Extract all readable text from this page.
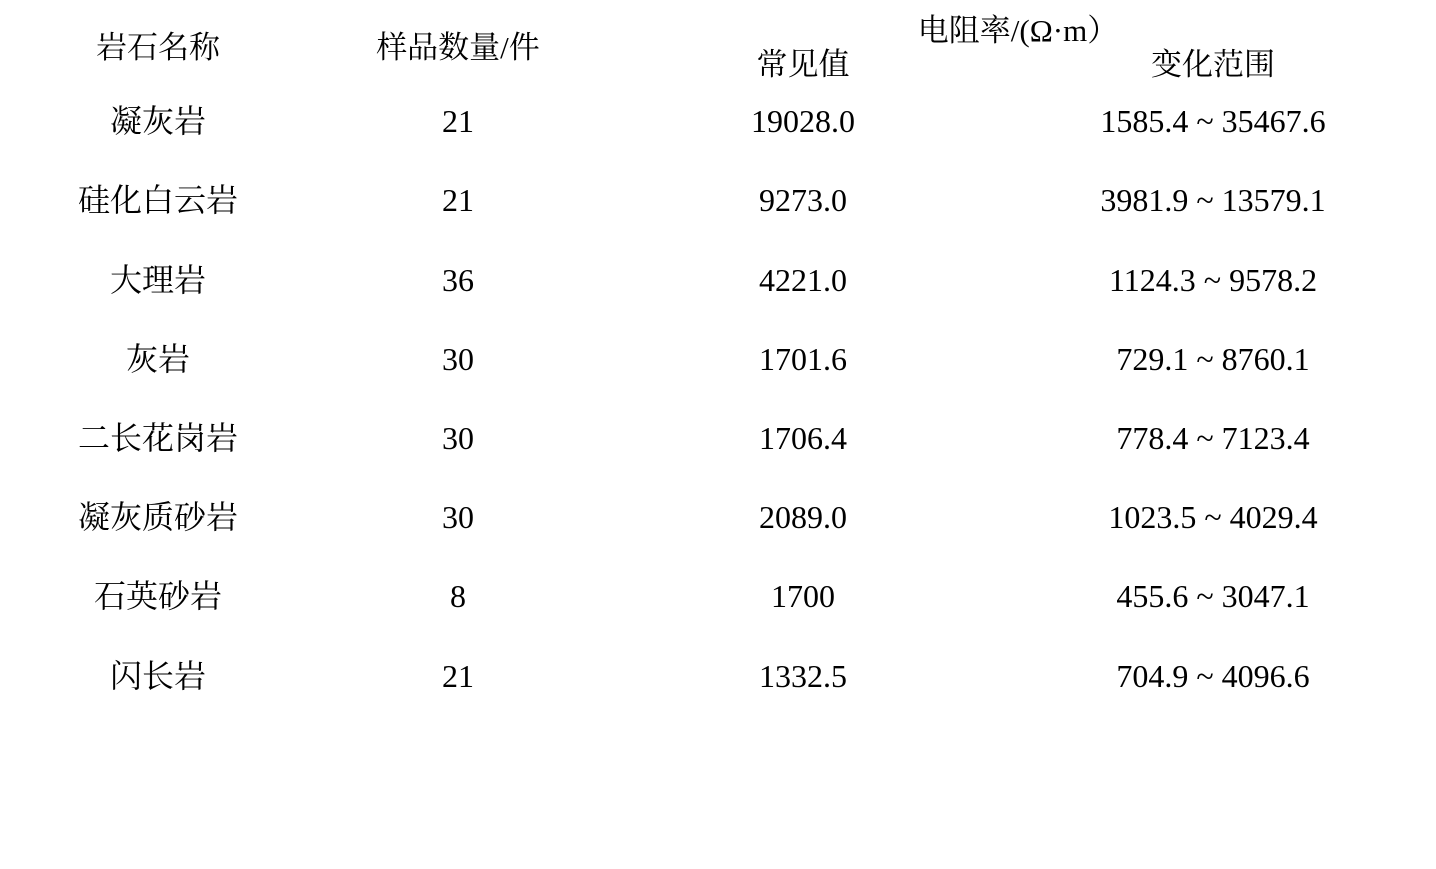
岩石名称	样品数量/件	电阻率/(Ω·m）	
		常见值	变化范围

凝灰岩	21	19028.0	1585.4 ~ 35467.6
硅化白云岩	21	9273.0	3981.9 ~ 13579.1
大理岩	36	4221.0	1124.3 ~ 9578.2
灰岩	30	1701.6	729.1 ~ 8760.1
二长花岗岩	30	1706.4	778.4 ~ 7123.4
凝灰质砂岩	30	2089.0	1023.5 ~ 4029.4
石英砂岩	8	1700	455.6 ~ 3047.1
闪长岩	21	1332.5	704.9 ~ 4096.6
